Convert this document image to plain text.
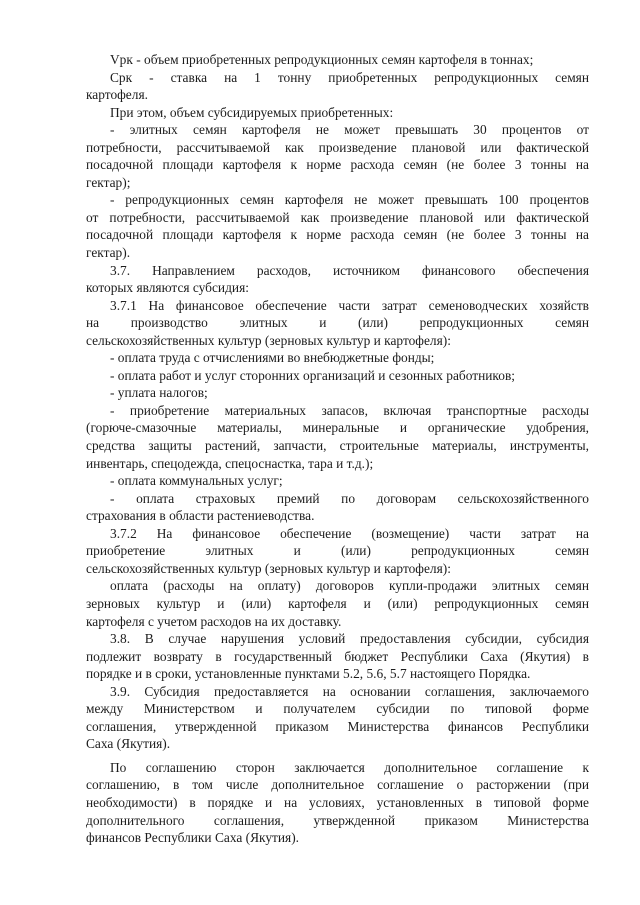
Vрк - объем приобретенных репродукционных семян картофеля в тоннах;
Срк - ставка на 1 тонну приобретенных репродукционных семян
картофеля.
При этом, объем субсидируемых приобретенных:
- элитных семян картофеля не может превышать 30 процентов от
потребности, рассчитываемой как произведение плановой или фактической
посадочной площади картофеля к норме расхода семян (не более 3 тонны на
гектар);
- репродукционных семян картофеля не может превышать 100 процентов
от потребности, рассчитываемой как произведение плановой или фактической
посадочной площади картофеля к норме расхода семян (не более 3 тонны на
гектар).
3.7. Направлением расходов, источником финансового обеспечения
которых являются субсидия:
3.7.1 На финансовое обеспечение части затрат семеноводческих хозяйств
на производство элитных и (или) репродукционных семян
сельскохозяйственных культур (зерновых культур и картофеля):
- оплата труда с отчислениями во внебюджетные фонды;
- оплата работ и услуг сторонних организаций и сезонных работников;
- уплата налогов;
- приобретение материальных запасов, включая транспортные расходы
(горюче-смазочные материалы, минеральные и органические удобрения,
средства защиты растений, запчасти, строительные материалы, инструменты,
инвентарь, спецодежда, спецоснастка, тара и т.д.);
- оплата коммунальных услуг;
- оплата страховых премий по договорам сельскохозяйственного
страхования в области растениеводства.
3.7.2 На финансовое обеспечение (возмещение) части затрат на
приобретение элитных и (или) репродукционных семян
сельскохозяйственных культур (зерновых культур и картофеля):
оплата (расходы на оплату) договоров купли-продажи элитных семян
зерновых культур и (или) картофеля и (или) репродукционных семян
картофеля с учетом расходов на их доставку.
3.8. В случае нарушения условий предоставления субсидии, субсидия
подлежит возврату в государственный бюджет Республики Саха (Якутия) в
порядке и в сроки, установленные пунктами 5.2, 5.6, 5.7 настоящего Порядка.
3.9. Субсидия предоставляется на основании соглашения, заключаемого
между Министерством и получателем субсидии по типовой форме
соглашения, утвержденной приказом Министерства финансов Республики
Саха (Якутия).
По соглашению сторон заключается дополнительное соглашение к
соглашению, в том числе дополнительное соглашение о расторжении (при
необходимости) в порядке и на условиях, установленных в типовой форме
дополнительного соглашения, утвержденной приказом Министерства
финансов Республики Саха (Якутия).
